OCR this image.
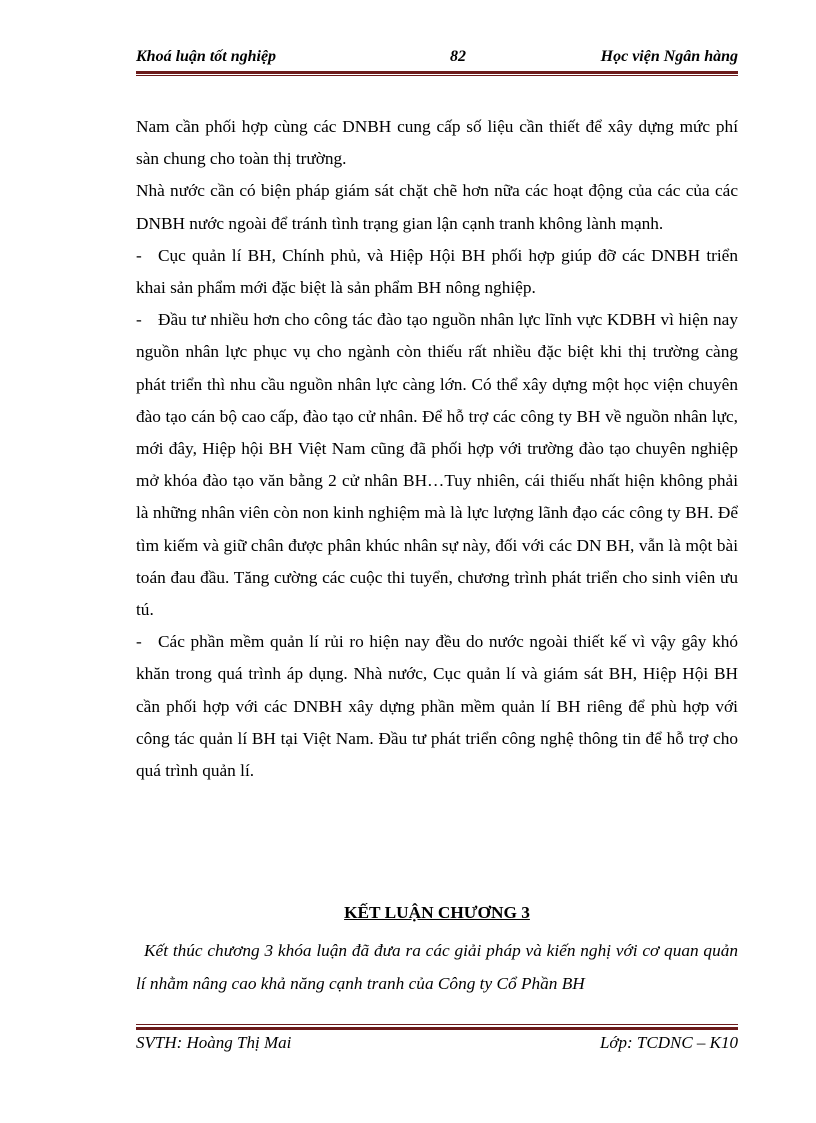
Khoá luận tốt nghiệp	82	Học viện Ngân hàng

Nam cần phối hợp cùng các DNBH cung cấp số liệu cần thiết để xây dựng mức phí sàn chung cho toàn thị trường.

Nhà nước cần có biện pháp giám sát chặt chẽ hơn nữa các hoạt động của các của các DNBH nước ngoài để tránh tình trạng gian lận cạnh tranh không lành mạnh.

- Cục quản lí BH, Chính phủ, và Hiệp Hội BH phối hợp giúp đỡ các DNBH triển khai sản phẩm mới đặc biệt là sản phẩm BH nông nghiệp.

- Đầu tư nhiều hơn cho công tác đào tạo nguồn nhân lực lĩnh vực KDBH vì hiện nay nguồn nhân lực phục vụ cho ngành còn thiếu rất nhiều đặc biệt khi thị trường càng phát triển thì nhu cầu nguồn nhân lực càng lớn. Có thể xây dựng một học viện chuyên đào tạo cán bộ cao cấp, đào tạo cử nhân. Để hỗ trợ các công ty BH về nguồn nhân lực, mới đây, Hiệp hội BH Việt Nam cũng đã phối hợp với trường đào tạo chuyên nghiệp mở khóa đào tạo văn bằng 2 cử nhân BH…Tuy nhiên, cái thiếu nhất hiện không phải là những nhân viên còn non kinh nghiệm mà là lực lượng lãnh đạo các công ty BH. Để tìm kiếm và giữ chân được phân khúc nhân sự này, đối với các DN BH, vẫn là một bài toán đau đầu. Tăng cường các cuộc thi tuyển, chương trình phát triển cho sinh viên ưu tú.

- Các phần mềm quản lí rủi ro hiện nay đều do nước ngoài thiết kế vì vậy gây khó khăn trong quá trình áp dụng. Nhà nước, Cục quản lí và giám sát BH, Hiệp Hội BH cần phối hợp với các DNBH xây dựng phần mềm quản lí BH riêng để phù hợp với công tác quản lí BH tại Việt Nam. Đầu tư phát triển công nghệ thông tin để hỗ trợ cho quá trình quản lí.

KẾT LUẬN CHƯƠNG 3
Kết thúc chương 3 khóa luận đã đưa ra các giải pháp và kiến nghị với cơ quan quản lí nhằm nâng cao khả năng cạnh tranh của Công ty Cổ Phần BH
SVTH: Hoàng Thị Mai	Lớp: TCDNC – K10
